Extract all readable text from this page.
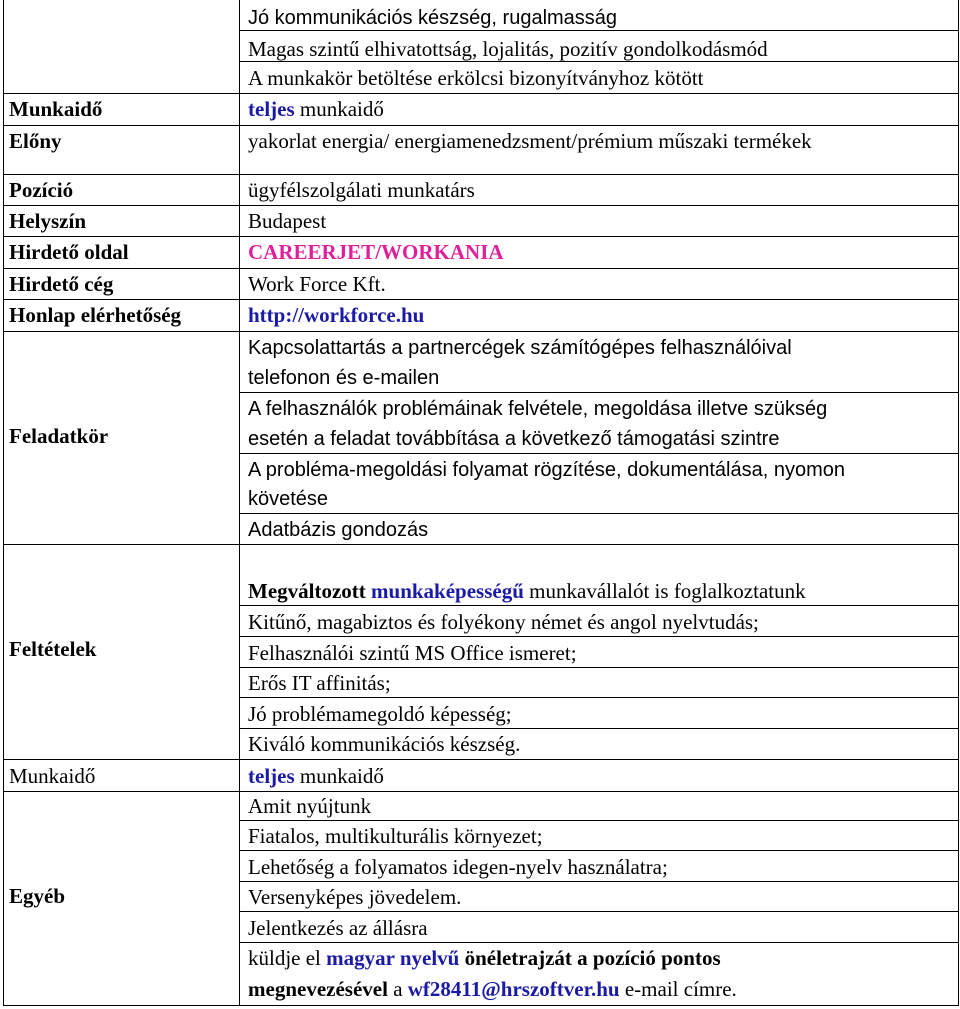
Munkaidő
Előny
Pozíció
Helyszín
Hirdető oldal
Hirdető cég
Honlap elérhetőség
Feladatkör
Feltételek
Munkaidő
Egyéb
Jó kommunikációs készség, rugalmasság
Magas szintű elhivatottság, lojalitás, pozitív gondolkodásmód
A munkakör betöltése erkölcsi bizonyítványhoz kötött
teljes munkaidő
yakorlat energia/ energiamenedzsment/prémium műszaki termékek
ügyfélszolgálati munkatárs
Budapest
CAREERJET/WORKANIA
Work Force Kft.
http://workforce.hu
Kapcsolattartás a partnercégek számítógépes felhasználóival
telefonon és e-mailen
A felhasználók problémáinak felvétele, megoldása illetve szükség
esetén a feladat továbbítása a következő támogatási szintre
A probléma-megoldási folyamat rögzítése, dokumentálása, nyomon
követése
Adatbázis gondozás
Megváltozott munkaképességű munkavállalót is foglalkoztatunk
Kitűnő, magabiztos és folyékony német és angol nyelvtudás;
Felhasználói szintű MS Office ismeret;
Erős IT affinitás;
Jó problémamegoldó képesség;
Kiváló kommunikációs készség.
teljes munkaidő
Amit nyújtunk
Fiatalos, multikulturális környezet;
Lehetőség a folyamatos idegen-nyelv használatra;
Versenyképes jövedelem.
Jelentkezés az állásra
küldje el magyar nyelvű önéletrajzát a pozíció pontos
megnevezésével a wf28411@hrszoftver.hu e-mail címre.
